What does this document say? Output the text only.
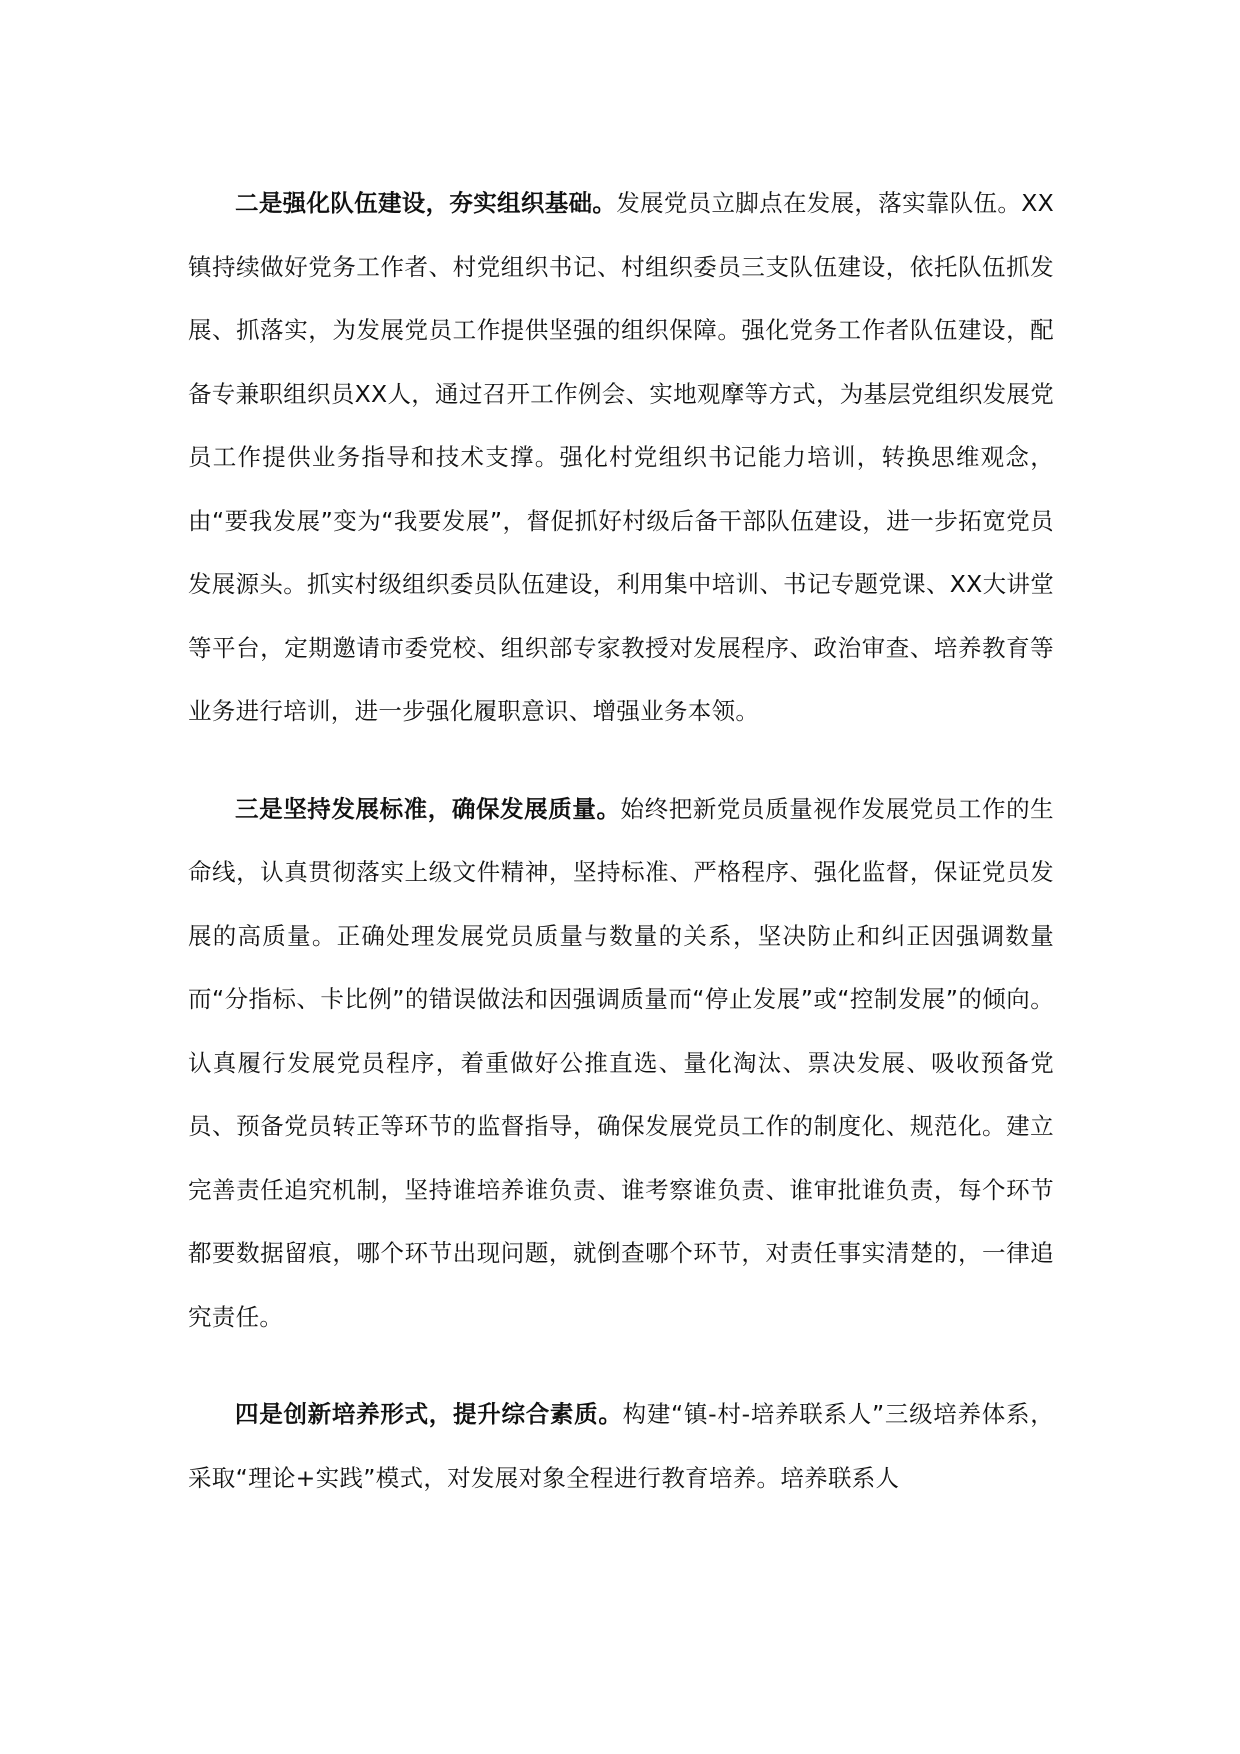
二是强化队伍建设，夯实组织基础。发展党员立脚点在发展，落实靠队伍。XX镇持续做好党务工作者、村党组织书记、村组织委员三支队伍建设，依托队伍抓发展、抓落实，为发展党员工作提供坚强的组织保障。强化党务工作者队伍建设，配备专兼职组织员XX人，通过召开工作例会、实地观摩等方式，为基层党组织发展党员工作提供业务指导和技术支撑。强化村党组织书记能力培训，转换思维观念，由“要我发展”变为“我要发展”，督促抓好村级后备干部队伍建设，进一步拓宽党员发展源头。抓实村级组织委员队伍建设，利用集中培训、书记专题党课、XX大讲堂等平台，定期邀请市委党校、组织部专家教授对发展程序、政治审查、培养教育等业务进行培训，进一步强化履职意识、增强业务本领。

三是坚持发展标准，确保发展质量。始终把新党员质量视作发展党员工作的生命线，认真贯彻落实上级文件精神，坚持标准、严格程序、强化监督，保证党员发展的高质量。正确处理发展党员质量与数量的关系，坚决防止和纠正因强调数量而“分指标、卡比例”的错误做法和因强调质量而“停止发展”或“控制发展”的倾向。认真履行发展党员程序，着重做好公推直选、量化淘汰、票决发展、吸收预备党员、预备党员转正等环节的监督指导，确保发展党员工作的制度化、规范化。建立完善责任追究机制，坚持谁培养谁负责、谁考察谁负责、谁审批谁负责，每个环节都要数据留痕，哪个环节出现问题，就倒查哪个环节，对责任事实清楚的，一律追究责任。

四是创新培养形式，提升综合素质。构建“镇-村-培养联系人”三级培养体系，采取“理论+实践”模式，对发展对象全程进行教育培养。培养联系人
